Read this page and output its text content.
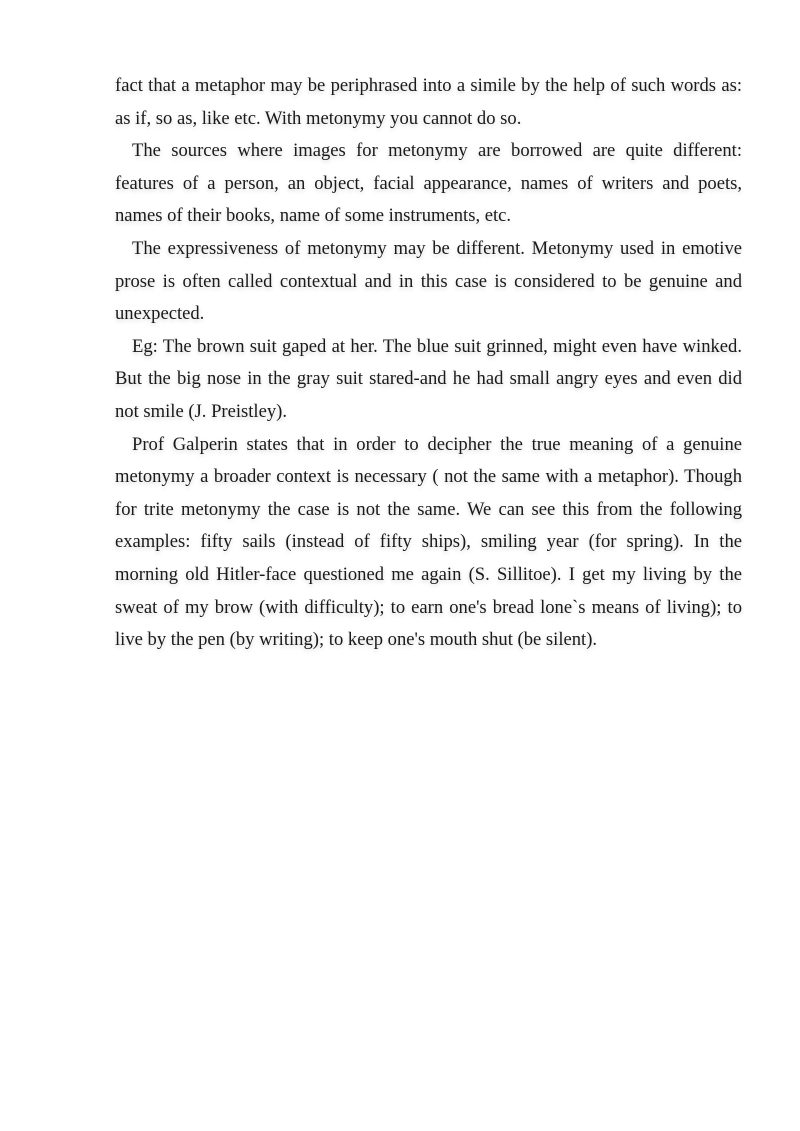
fact that a metaphor may be periphrased into a simile by the help of such words as: as if, so as, like etc. With metonymy you cannot do so.

The sources where images for metonymy are borrowed are quite different: features of a person, an object, facial appearance, names of writers and poets, names of their books, name of some instruments, etc.

The expressiveness of metonymy may be different. Metonymy used in emotive prose is often called contextual and in this case is considered to be genuine and unexpected.

Eg: The brown suit gaped at her. The blue suit grinned, might even have winked. But the big nose in the gray suit stared-and he had small angry eyes and even did not smile (J. Preistley).

Prof Galperin states that in order to decipher the true meaning of a genuine metonymy a broader context is necessary ( not the same with a metaphor). Though for trite metonymy the case is not the same. We can see this from the following examples: fifty sails (instead of fifty ships), smiling year (for spring). In the morning old Hitler-face questioned me again (S. Sillitoe). I get my living by the sweat of my brow (with difficulty); to earn one's bread lone`s means of living); to live by the pen (by writing); to keep one's mouth shut (be silent).
